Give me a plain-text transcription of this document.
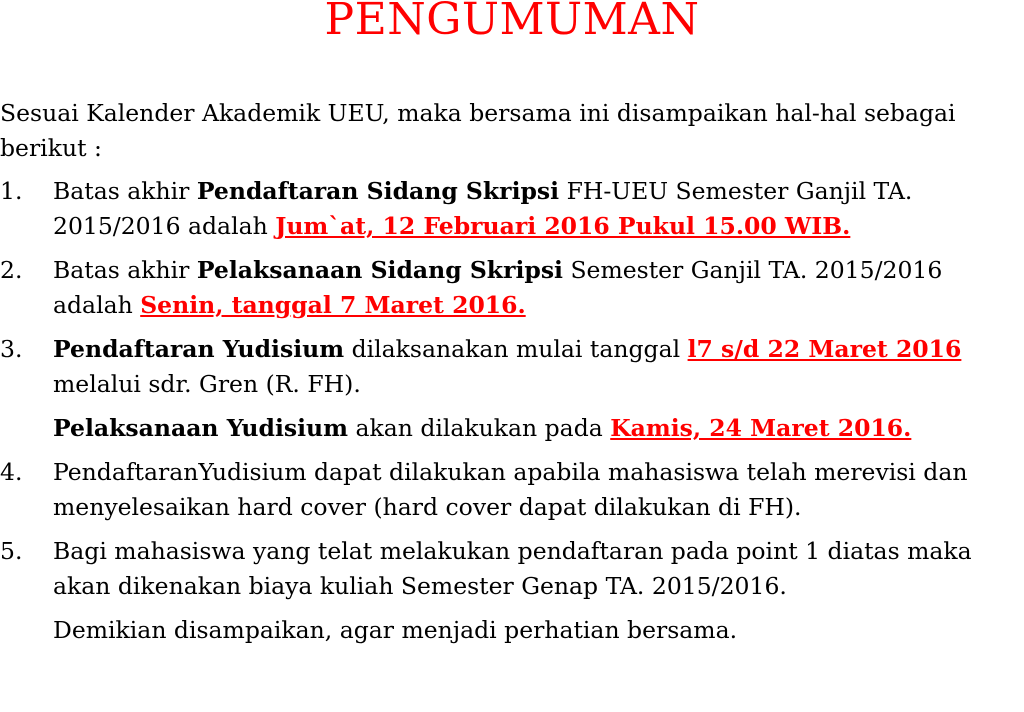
PENGUMUMAN

Sesuai Kalender Akademik UEU, maka bersama ini disampaikan hal-hal sebagai berikut :

1. Batas akhir Pendaftaran Sidang Skripsi FH-UEU Semester Ganjil TA. 2015/2016 adalah Jum`at, 12 Februari 2016 Pukul 15.00 WIB.
2. Batas akhir Pelaksanaan Sidang Skripsi Semester Ganjil TA. 2015/2016 adalah Senin, tanggal 7 Maret 2016.
3. Pendaftaran Yudisium dilaksanakan mulai tanggal l7 s/d 22 Maret 2016 melalui sdr. Gren (R. FH).

Pelaksanaan Yudisium akan dilakukan pada Kamis, 24 Maret 2016.

4. PendaftaranYudisium dapat dilakukan apabila mahasiswa telah merevisi dan menyelesaikan hard cover (hard cover dapat dilakukan di FH).
5. Bagi mahasiswa yang telat melakukan pendaftaran pada point 1 diatas maka akan dikenakan biaya kuliah Semester Genap TA. 2015/2016.

Demikian disampaikan, agar menjadi perhatian bersama.
